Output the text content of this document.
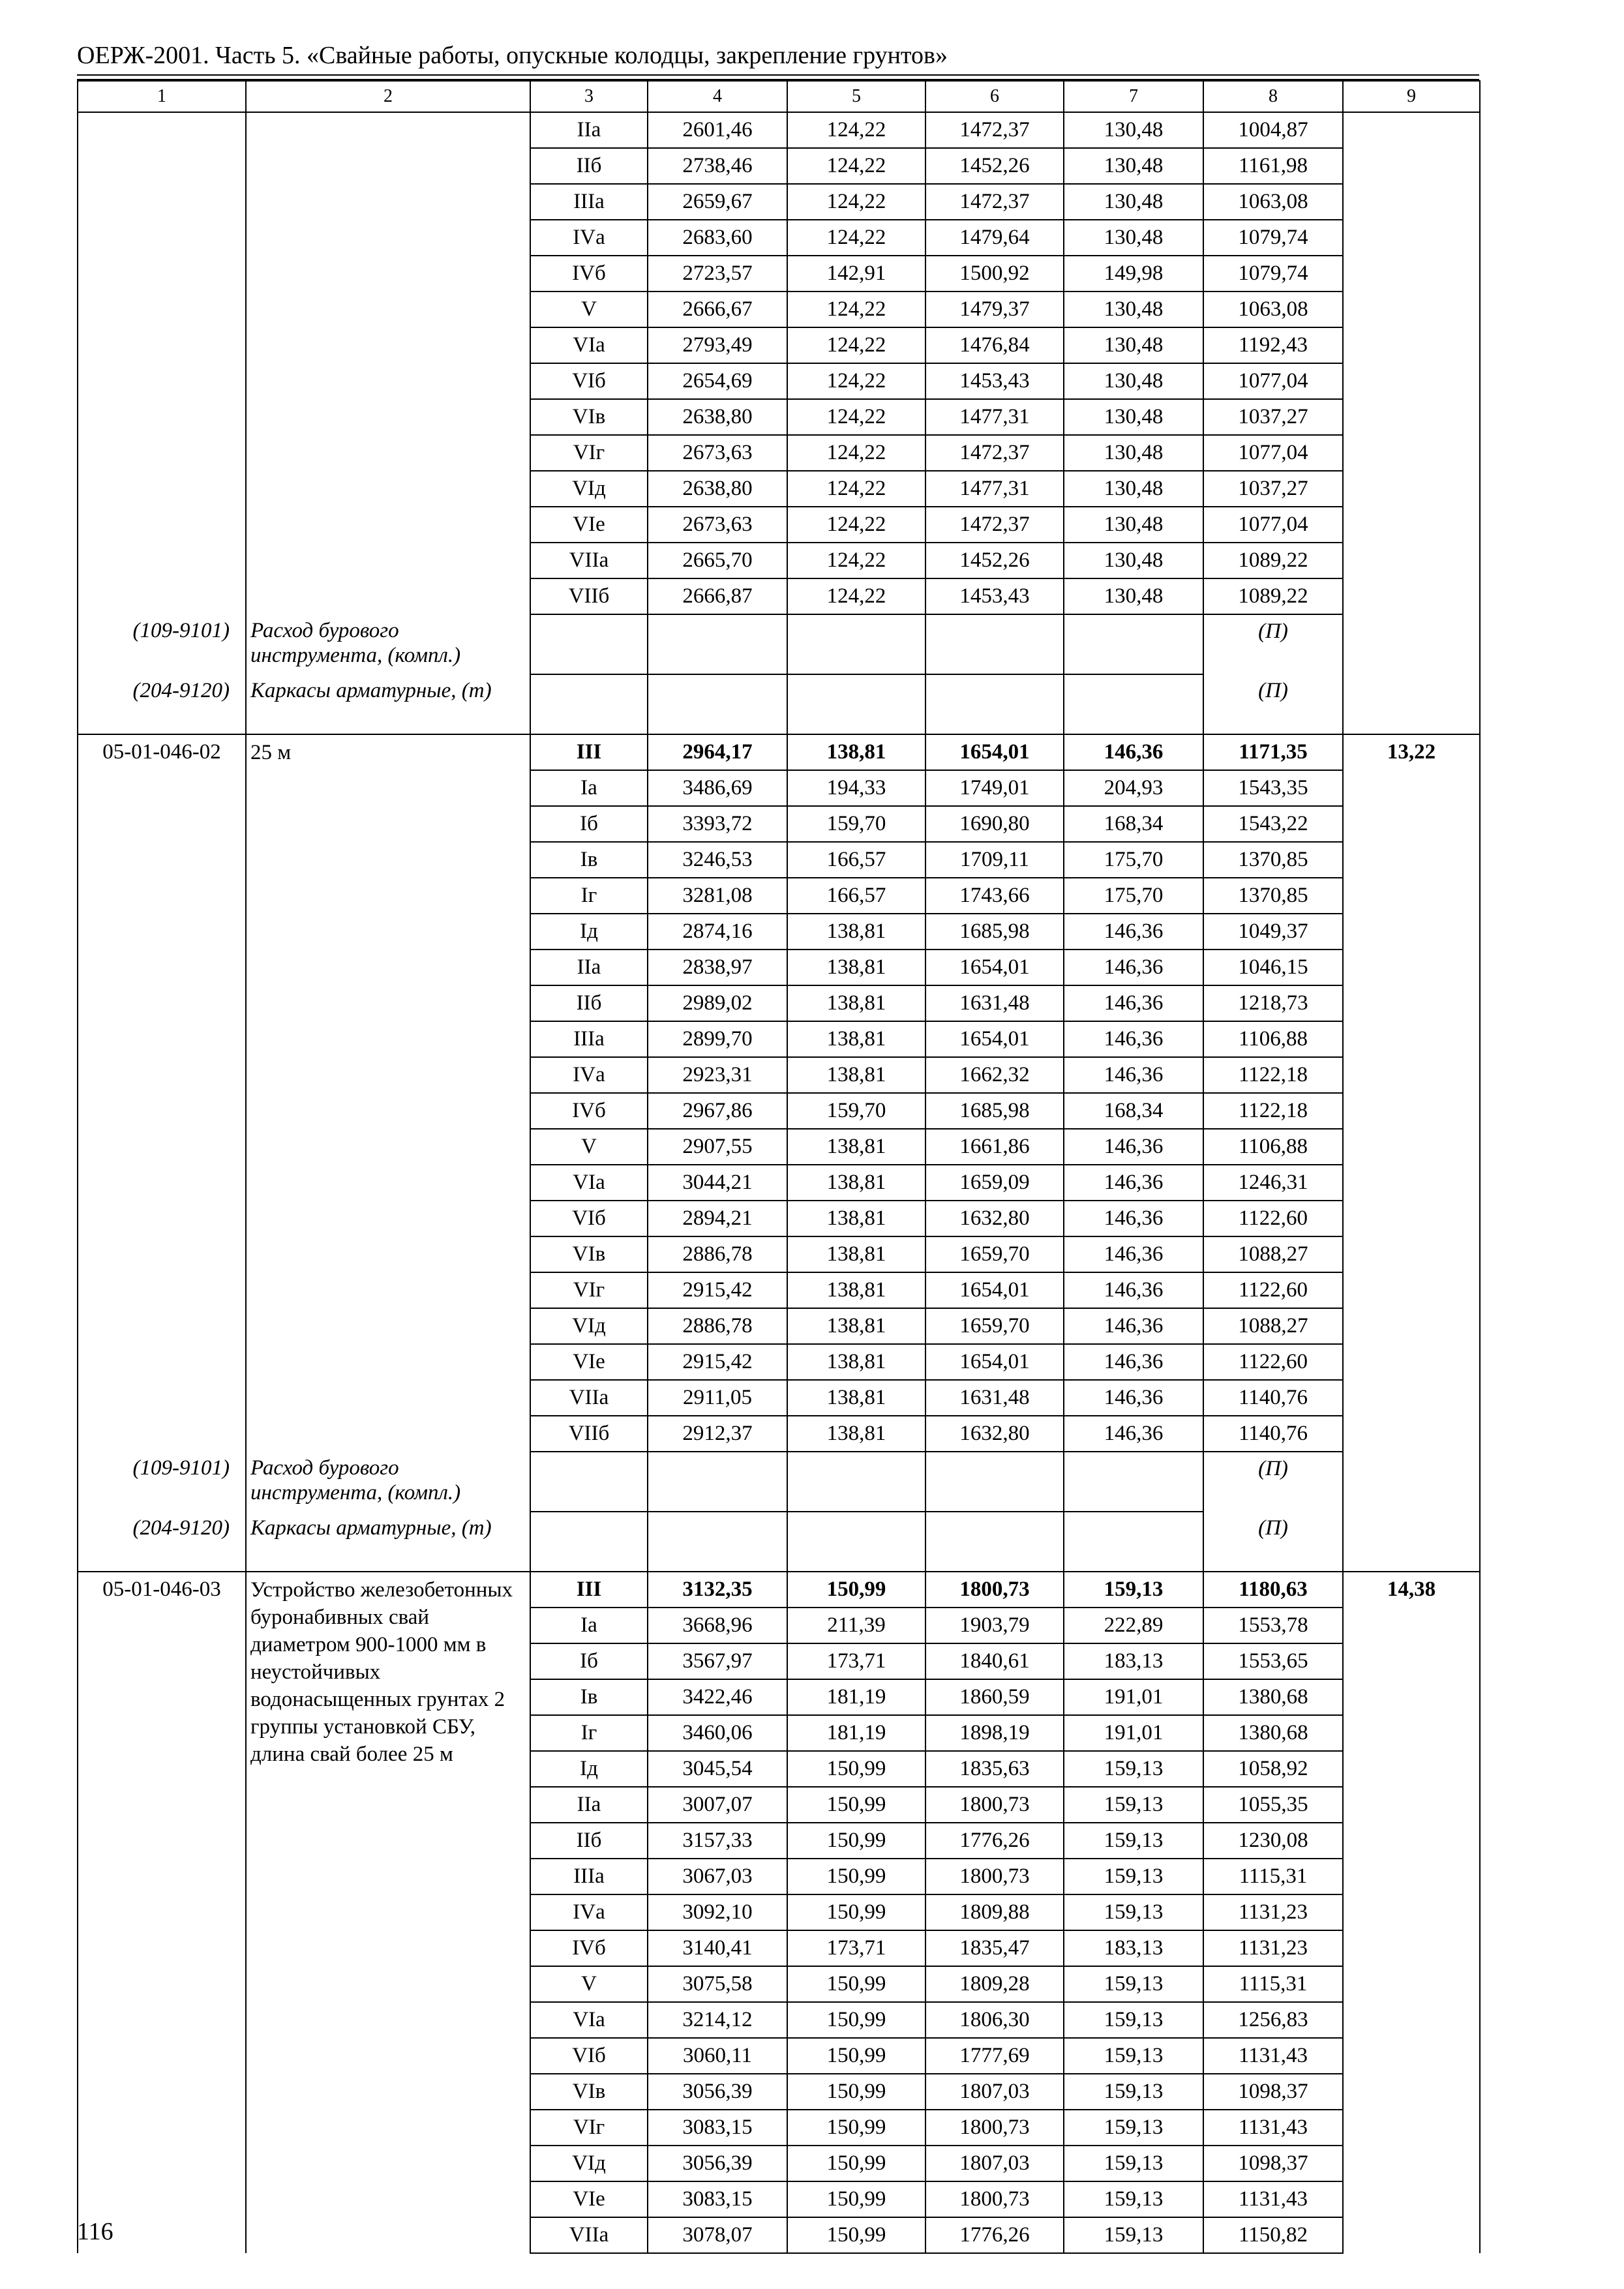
ОЕРЖ-2001. Часть 5. «Свайные работы, опускные колодцы, закрепление грунтов»
1	2	3	4	5	6	7	8	9
		IIа	2601,46	124,22	1472,37	130,48	1004,87	
		IIб	2738,46	124,22	1452,26	130,48	1161,98	
		IIIа	2659,67	124,22	1472,37	130,48	1063,08	
		IVа	2683,60	124,22	1479,64	130,48	1079,74	
		IVб	2723,57	142,91	1500,92	149,98	1079,74	
		V	2666,67	124,22	1479,37	130,48	1063,08	
		VIа	2793,49	124,22	1476,84	130,48	1192,43	
		VIб	2654,69	124,22	1453,43	130,48	1077,04	
		VIв	2638,80	124,22	1477,31	130,48	1037,27	
		VIг	2673,63	124,22	1472,37	130,48	1077,04	
		VIд	2638,80	124,22	1477,31	130,48	1037,27	
		VIе	2673,63	124,22	1472,37	130,48	1077,04	
		VIIа	2665,70	124,22	1452,26	130,48	1089,22	
		VIIб	2666,87	124,22	1453,43	130,48	1089,22	
(109-9101)	Расход бурового инструмента, (компл.)						(П)	
(204-9120)	Каркасы арматурные, (т)						(П)	
05-01-046-02	25 м	III	2964,17	138,81	1654,01	146,36	1171,35	13,22
		Iа	3486,69	194,33	1749,01	204,93	1543,35	
		Iб	3393,72	159,70	1690,80	168,34	1543,22	
		Iв	3246,53	166,57	1709,11	175,70	1370,85	
		Iг	3281,08	166,57	1743,66	175,70	1370,85	
		Iд	2874,16	138,81	1685,98	146,36	1049,37	
		IIа	2838,97	138,81	1654,01	146,36	1046,15	
		IIб	2989,02	138,81	1631,48	146,36	1218,73	
		IIIа	2899,70	138,81	1654,01	146,36	1106,88	
		IVа	2923,31	138,81	1662,32	146,36	1122,18	
		IVб	2967,86	159,70	1685,98	168,34	1122,18	
		V	2907,55	138,81	1661,86	146,36	1106,88	
		VIа	3044,21	138,81	1659,09	146,36	1246,31	
		VIб	2894,21	138,81	1632,80	146,36	1122,60	
		VIв	2886,78	138,81	1659,70	146,36	1088,27	
		VIг	2915,42	138,81	1654,01	146,36	1122,60	
		VIд	2886,78	138,81	1659,70	146,36	1088,27	
		VIе	2915,42	138,81	1654,01	146,36	1122,60	
		VIIа	2911,05	138,81	1631,48	146,36	1140,76	
		VIIб	2912,37	138,81	1632,80	146,36	1140,76	
(109-9101)	Расход бурового инструмента, (компл.)						(П)	
(204-9120)	Каркасы арматурные, (т)						(П)	
05-01-046-03	Устройство железобетонных буронабивных свай диаметром 900-1000 мм в неустойчивых водонасыщенных грунтах 2 группы установкой СБУ, длина свай более 25 м	III	3132,35	150,99	1800,73	159,13	1180,63	14,38
		Iа	3668,96	211,39	1903,79	222,89	1553,78	
		Iб	3567,97	173,71	1840,61	183,13	1553,65	
		Iв	3422,46	181,19	1860,59	191,01	1380,68	
		Iг	3460,06	181,19	1898,19	191,01	1380,68	
		Iд	3045,54	150,99	1835,63	159,13	1058,92	
		IIа	3007,07	150,99	1800,73	159,13	1055,35	
		IIб	3157,33	150,99	1776,26	159,13	1230,08	
		IIIа	3067,03	150,99	1800,73	159,13	1115,31	
		IVа	3092,10	150,99	1809,88	159,13	1131,23	
		IVб	3140,41	173,71	1835,47	183,13	1131,23	
		V	3075,58	150,99	1809,28	159,13	1115,31	
		VIа	3214,12	150,99	1806,30	159,13	1256,83	
		VIб	3060,11	150,99	1777,69	159,13	1131,43	
		VIв	3056,39	150,99	1807,03	159,13	1098,37	
		VIг	3083,15	150,99	1800,73	159,13	1131,43	
		VIд	3056,39	150,99	1807,03	159,13	1098,37	
		VIе	3083,15	150,99	1800,73	159,13	1131,43	
		VIIа	3078,07	150,99	1776,26	159,13	1150,82	
116
